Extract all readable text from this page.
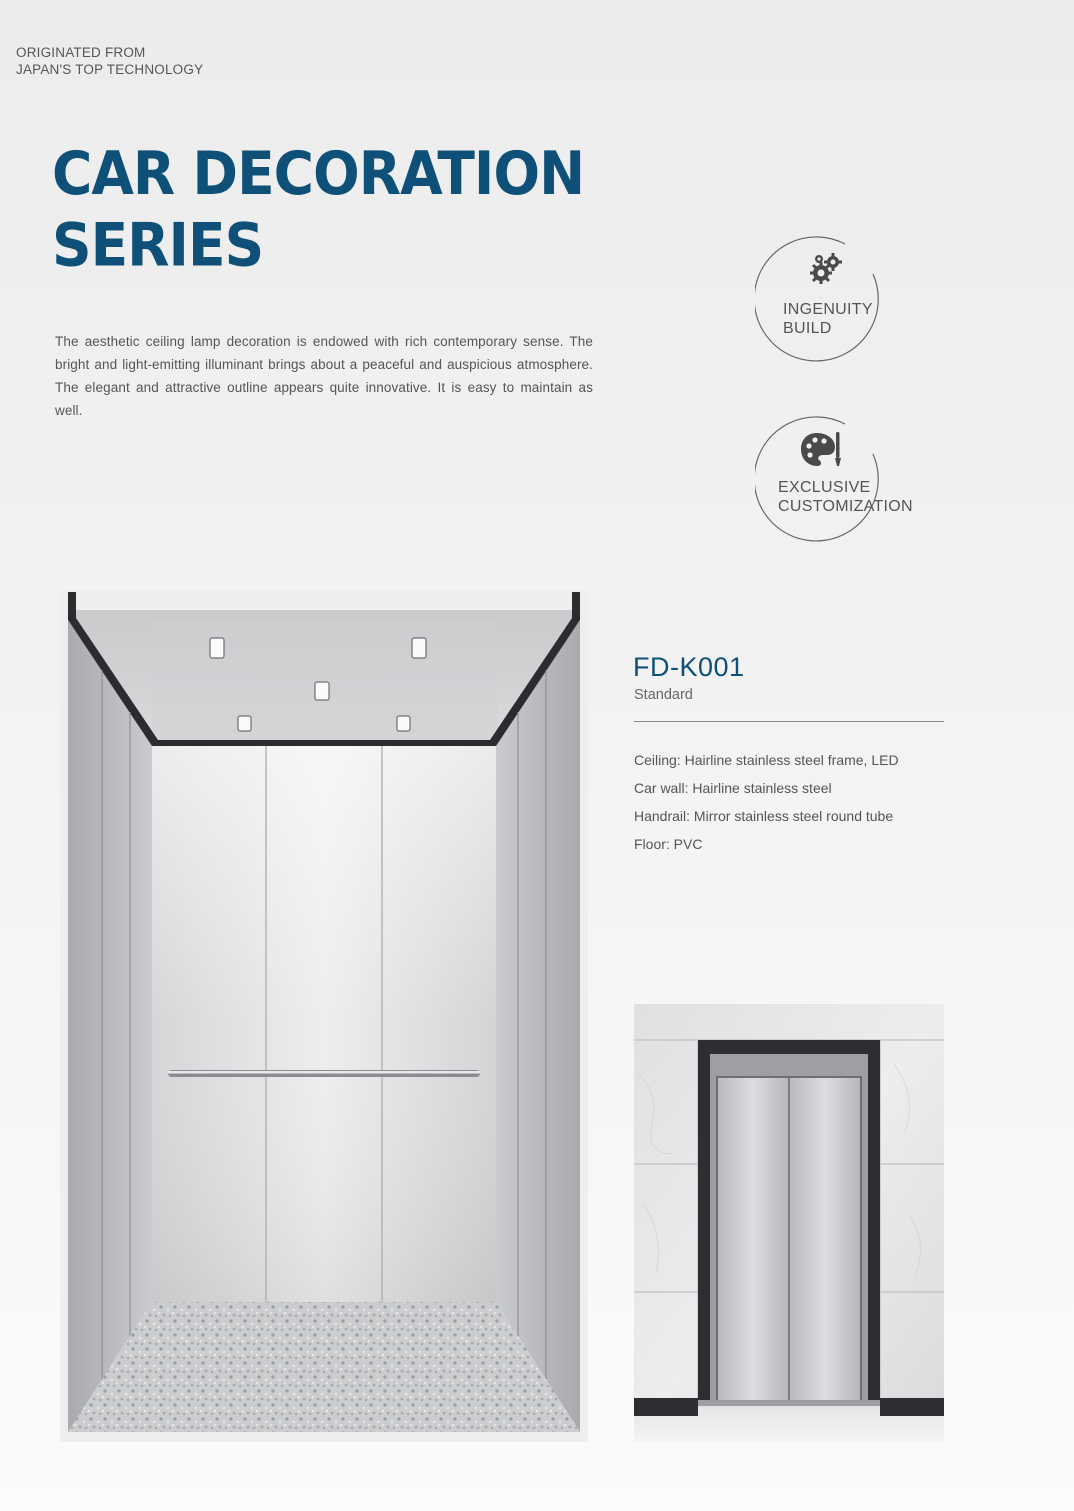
ORIGINATED FROM
JAPAN'S TOP TECHNOLOGY
CAR DECORATION
SERIES

The aesthetic ceiling lamp decoration is endowed with rich contemporary sense. The bright and light-emitting illuminant brings about a peaceful and auspicious atmosphere. The elegant and attractive outline appears quite innovative. It is easy to maintain as well.

INGENUITY
BUILD
EXCLUSIVE
CUSTOMIZATION
FD-K001
Standard
Ceiling: Hairline stainless steel frame, LED
Car wall: Hairline stainless steel
Handrail: Mirror stainless steel round tube
Floor: PVC
